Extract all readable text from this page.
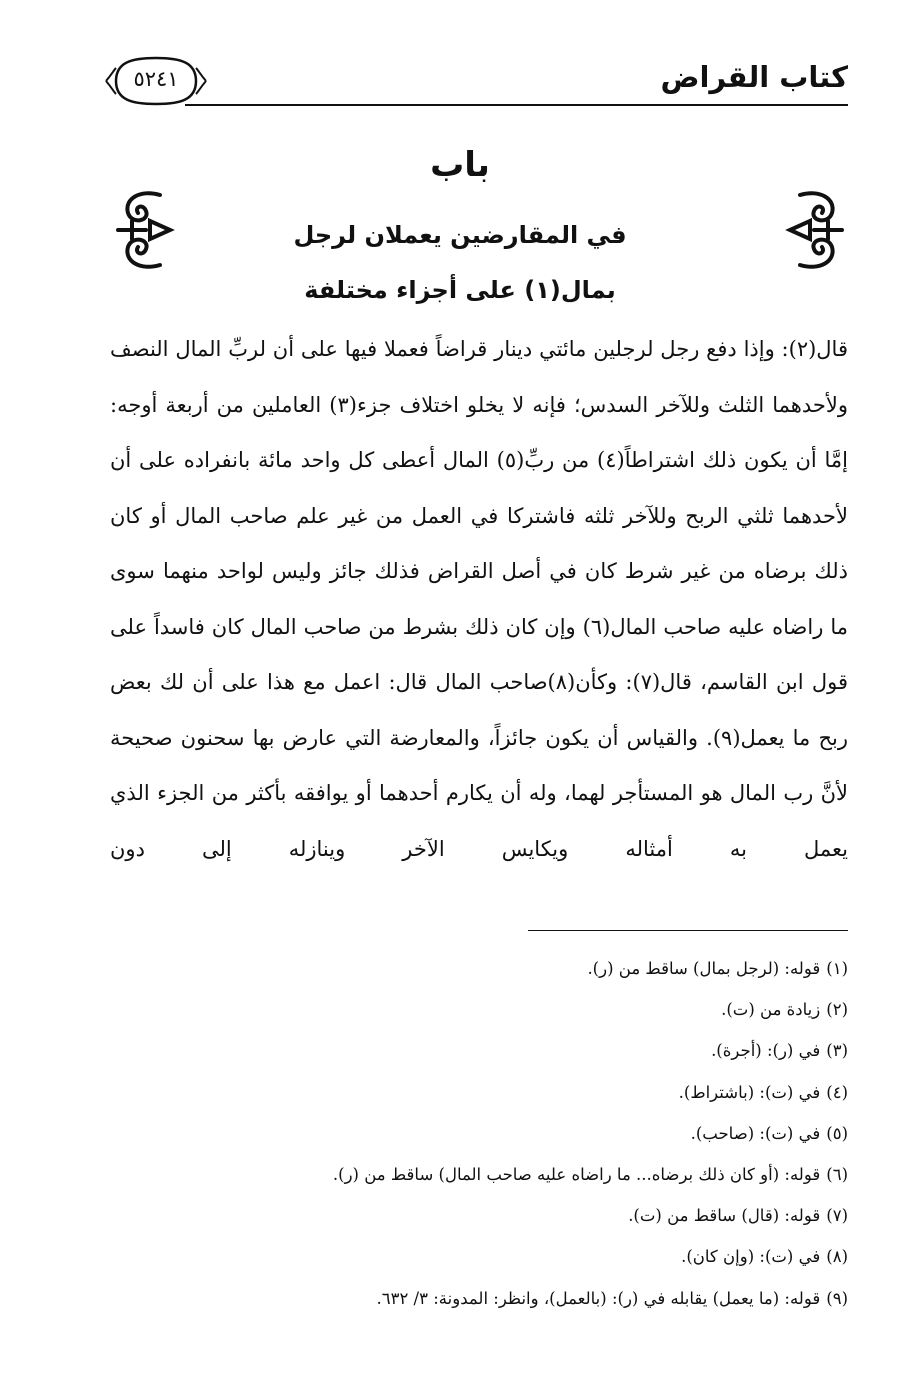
كتاب القراض
٥٢٤١
باب
في المقارضين يعملان لرجل
بمال(١) على أجزاء مختلفة

قال(٢): وإذا دفع رجل لرجلين مائتي دينار قراضاً فعملا فيها على أن لربِّ المال النصف ولأحدهما الثلث وللآخر السدس؛ فإنه لا يخلو اختلاف جزء(٣) العاملين من أربعة أوجه: إمَّا أن يكون ذلك اشتراطاً(٤) من ربِّ(٥) المال أعطى كل واحد مائة بانفراده على أن لأحدهما ثلثي الربح وللآخر ثلثه فاشتركا في العمل من غير علم صاحب المال أو كان ذلك برضاه من غير شرط كان في أصل القراض فذلك جائز وليس لواحد منهما سوى ما راضاه عليه صاحب المال(٦) وإن كان ذلك بشرط من صاحب المال كان فاسداً على قول ابن القاسم، قال(٧): وكأن(٨)صاحب المال قال: اعمل مع هذا على أن لك بعض ربح ما يعمل(٩). والقياس أن يكون جائزاً، والمعارضة التي عارض بها سحنون صحيحة لأنَّ رب المال هو المستأجر لهما، وله أن يكارم أحدهما أو يوافقه بأكثر من الجزء الذي يعمل به أمثاله ويكايس الآخر وينازله إلى دون

(١)قوله: (لرجل بمال) ساقط من (ر).
(٢)زيادة من (ت).
(٣)في (ر): (أجرة).
(٤)في (ت): (باشتراط).
(٥)في (ت): (صاحب).
(٦)قوله: (أو كان ذلك برضاه... ما راضاه عليه صاحب المال) ساقط من (ر).
(٧)قوله: (قال) ساقط من (ت).
(٨)في (ت): (وإن كان).
(٩)قوله: (ما يعمل) يقابله في (ر): (بالعمل)، وانظر: المدونة: ٣/ ٦٣٢.
